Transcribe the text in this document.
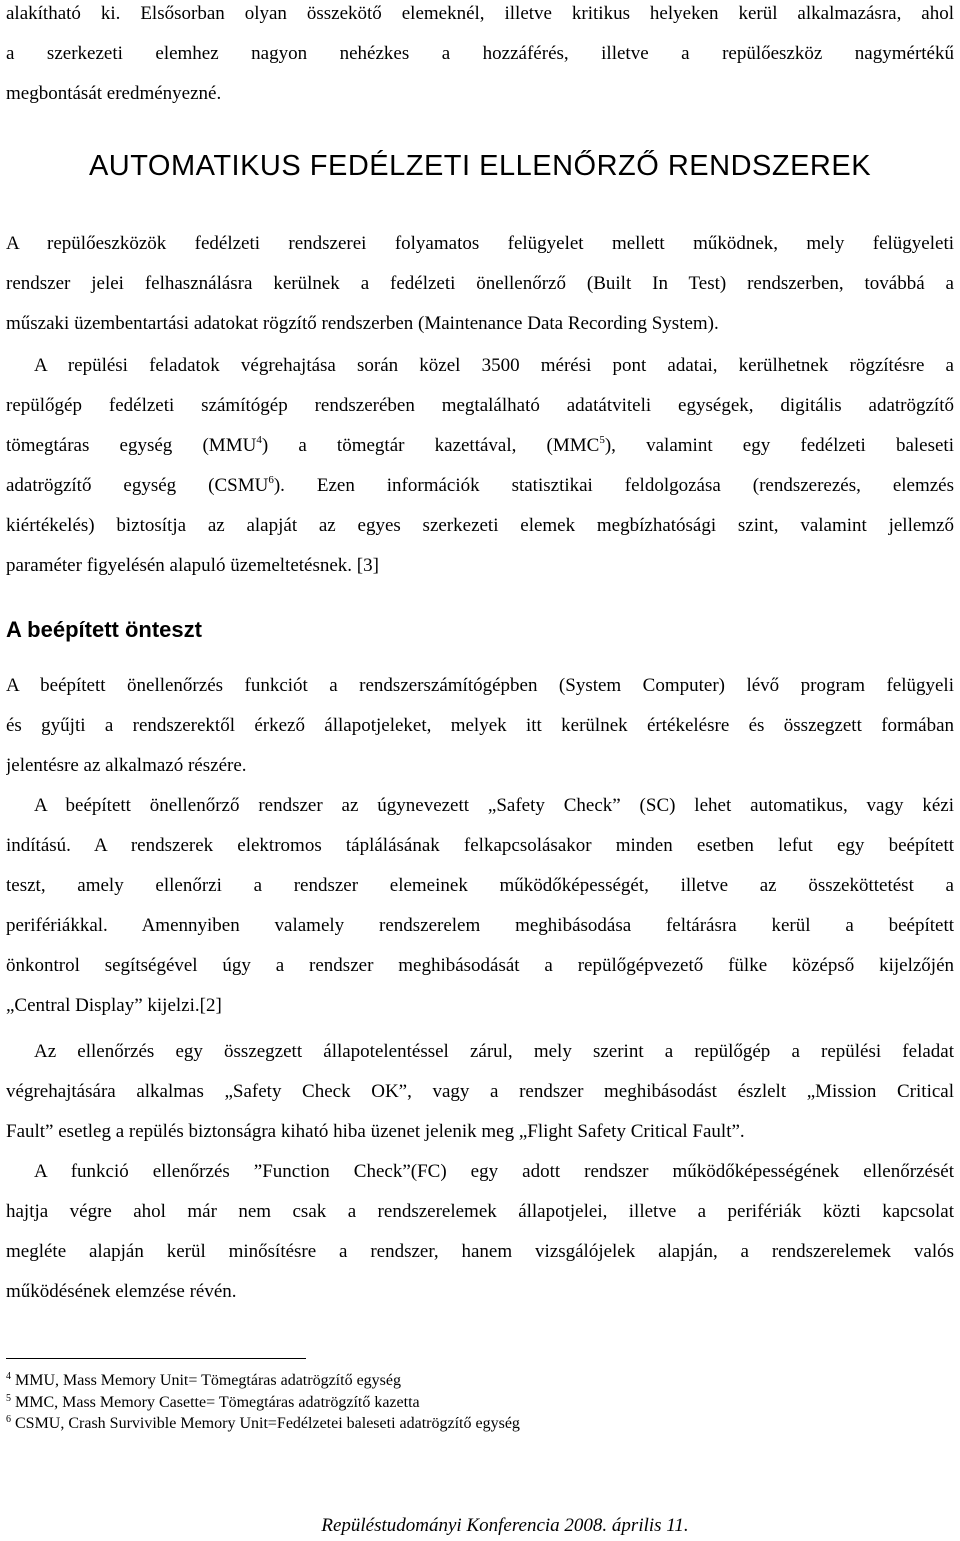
alakítható ki. Elsősorban olyan összekötő elemeknél, illetve kritikus helyeken kerül alkalmazásra, ahol
a szerkezeti elemhez nagyon nehézkes a hozzáférés, illetve a repülőeszköz nagymértékű
megbontását eredményezné.
AUTOMATIKUS FEDÉLZETI ELLENŐRZŐ RENDSZEREK
A repülőeszközök fedélzeti rendszerei folyamatos felügyelet mellett működnek, mely felügyeleti
rendszer jelei felhasználásra kerülnek a fedélzeti önellenőrző (Built In Test) rendszerben, továbbá a
műszaki üzembentartási adatokat rögzítő rendszerben (Maintenance Data Recording System).
A repülési feladatok végrehajtása során közel 3500 mérési pont adatai, kerülhetnek rögzítésre a
repülőgép fedélzeti számítógép rendszerében megtalálható adatátviteli egységek, digitális adatrögzítő
tömegtáras egység (MMU$^4$) a tömegtár kazettával, (MMC$^5$), valamint egy fedélzeti baleseti
adatrögzítő egység (CSMU$^6$). Ezen információk statisztikai feldolgozása (rendszerezés, elemzés
kiértékelés) biztosítja az alapját az egyes szerkezeti elemek megbízhatósági szint, valamint jellemző
paraméter figyelésén alapuló üzemeltetésnek. [3]
A beépített önteszt
A beépített önellenőrzés funkciót a rendszerszámítógépben (System Computer) lévő program felügyeli
és gyűjti a rendszerektől érkező állapotjeleket, melyek itt kerülnek értékelésre és összegzett formában
jelentésre az alkalmazó részére.
A beépített önellenőrző rendszer az úgynevezett „Safety Check” (SC) lehet automatikus, vagy kézi
indítású. A rendszerek elektromos táplálásának felkapcsolásakor minden esetben lefut egy beépített
teszt, amely ellenőrzi a rendszer elemeinek működőképességét, illetve az összeköttetést a
perifériákkal. Amennyiben valamely rendszerelem meghibásodása feltárásra kerül a beépített
önkontrol segítségével úgy a rendszer meghibásodását a repülőgépvezető fülke középső kijelzőjén
„Central Display” kijelzi.[2]
Az ellenőrzés egy összegzett állapotelentéssel zárul, mely szerint a repülőgép a repülési feladat
végrehajtására alkalmas „Safety Check OK”, vagy a rendszer meghibásodást észlelt „Mission Critical
Fault” esetleg a repülés biztonságra kiható hiba üzenet jelenik meg „Flight Safety Critical Fault”.
A funkció ellenőrzés ”Function Check”(FC) egy adott rendszer működőképességének ellenőrzését
hajtja végre ahol már nem csak a rendszerelemek állapotjelei, illetve a perifériák közti kapcsolat
megléte alapján kerül minősítésre a rendszer, hanem vizsgálójelek alapján, a rendszerelemek valós
működésének elemzése révén.
$^4$ MMU, Mass Memory Unit= Tömegtáras adatrögzítő egység
$^5$ MMC, Mass Memory Casette= Tömegtáras adatrögzítő kazetta
$^6$ CSMU, Crash Survivible Memory Unit=Fedélzetei baleseti adatrögzítő egység
Repüléstudományi Konferencia 2008. április 11.
